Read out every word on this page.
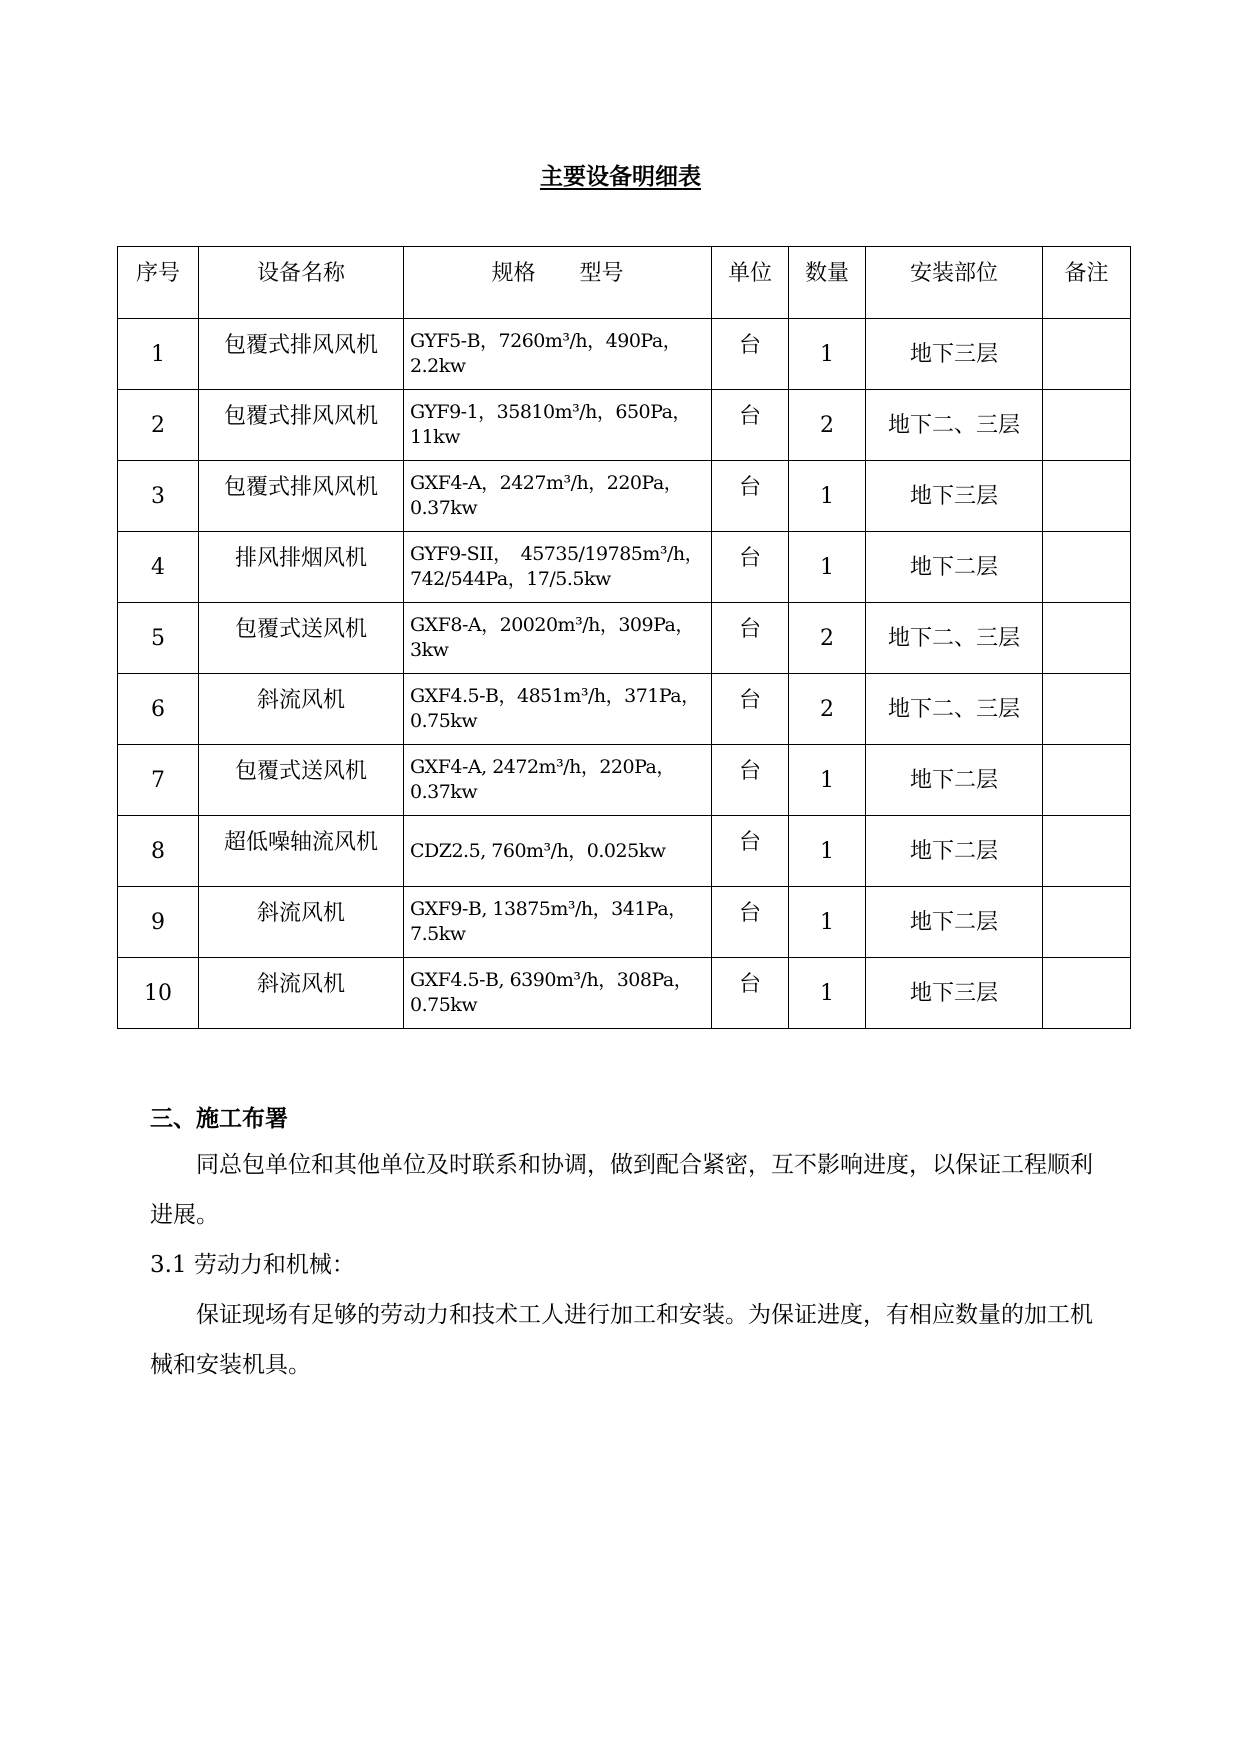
主要设备明细表
序号	设备名称	规格　　型号	单位	数量	安装部位	备注
1	包覆式排风风机	GYF5-B，7260m³/h，490Pa，2.2kw	台	1	地下三层	
2	包覆式排风风机	GYF9-1，35810m³/h，650Pa，11kw	台	2	地下二、三层	
3	包覆式排风风机	GXF4-A，2427m³/h，220Pa，0.37kw	台	1	地下三层	
4	排风排烟风机	GYF9-SII，　45735/19785m³/h，742/544Pa，17/5.5kw	台	1	地下二层	
5	包覆式送风机	GXF8-A，20020m³/h，309Pa，3kw	台	2	地下二、三层	
6	斜流风机	GXF4.5-B，4851m³/h，371Pa，0.75kw	台	2	地下二、三层	
7	包覆式送风机	GXF4-A, 2472m³/h，220Pa，0.37kw	台	1	地下二层	
8	超低噪轴流风机	CDZ2.5, 760m³/h，0.025kw	台	1	地下二层	
9	斜流风机	GXF9-B, 13875m³/h，341Pa，7.5kw	台	1	地下二层	
10	斜流风机	GXF4.5-B, 6390m³/h，308Pa，0.75kw	台	1	地下三层	
三、施工布署
同总包单位和其他单位及时联系和协调，做到配合紧密，互不影响进度，以保证工程顺利进展。
3.1 劳动力和机械：
保证现场有足够的劳动力和技术工人进行加工和安装。为保证进度，有相应数量的加工机械和安装机具。
